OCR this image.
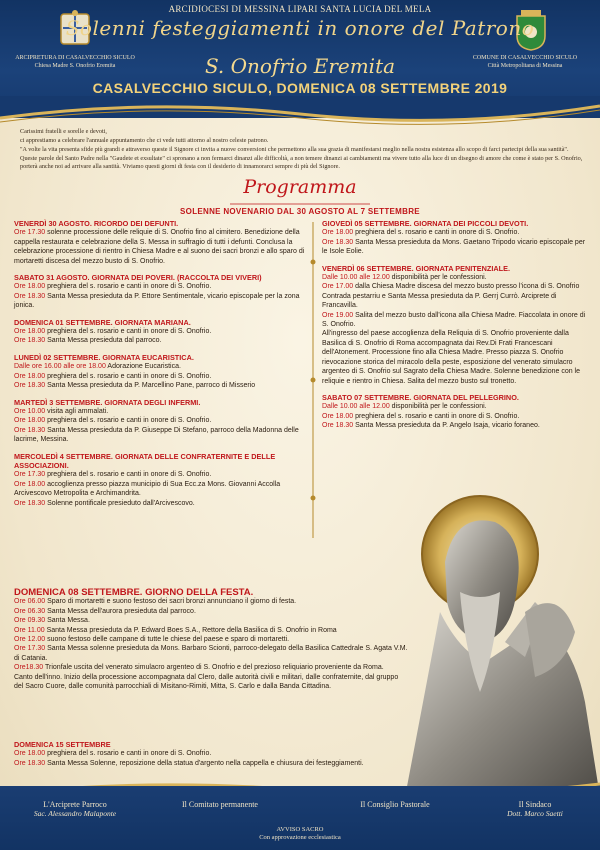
ARCIDIOCESI DI MESSINA LIPARI SANTA LUCIA DEL MELA
Solenni festeggiamenti in onore del Patrono
ARCIPRETURA DI CASALVECCHIO SICULO
Chiesa Madre S. Onofrio Eremita
COMUNE DI CASALVECCHIO SICULO
Città Metropolitana di Messina
S. Onofrio Eremita
CASALVECCHIO SICULO, DOMENICA 08 SETTEMBRE 2019

Carissimi fratelli e sorelle e devoti,

ci apprestiamo a celebrare l'annuale appuntamento che ci vede tutti attorno al nostro celeste patrono.

"A volte la vita presenta sfide più grandi e attraverso queste il Signore ci invita a nuove conversioni che permettono alla sua grazia di manifestarsi meglio nella nostra esistenza allo scopo di farci partecipi della sua santità". Queste parole del Santo Padre nella "Gaudete et exsultate" ci spronano a non fermarci dinanzi alle difficoltà, a non temere dinanzi ai cambiamenti ma vivere tutto alla luce di un disegno di amore che come è stato per S. Onofrio, porterà anche noi ad arrivare alla santità. Viviamo questi giorni di festa con il desiderio di innamorarci sempre di più del Signore.

Programma
SOLENNE NOVENARIO DAL 30 AGOSTO AL 7 SETTEMBRE
VENERDÌ 30 AGOSTO. RICORDO DEI DEFUNTI.
Ore 17.30 solenne processione delle reliquie di S. Onofrio fino al cimitero. Benedizione della cappella restaurata e celebrazione della S. Messa in suffragio di tutti i defunti. Conclusa la celebrazione processione di rientro in Chiesa Madre e al suono dei sacri bronzi e allo sparo di mortaretti discesa del mezzo busto di S. Onofrio.
SABATO 31 AGOSTO. GIORNATA DEI POVERI. (RACCOLTA DEI VIVERI)
Ore 18.00 preghiera del s. rosario e canti in onore di S. Onofrio.
Ore 18.30 Santa Messa presieduta da P. Ettore Sentimentale, vicario episcopale per la zona jonica.
DOMENICA 01 SETTEMBRE. GIORNATA MARIANA.
Ore 18.00 preghiera del s. rosario e canti in onore di S. Onofrio.
Ore 18.30 Santa Messa presieduta dal parroco.
LUNEDÌ 02 SETTEMBRE. GIORNATA EUCARISTICA.
Dalle ore 16.00 alle ore 18.00 Adorazione Eucaristica.
Ore 18.00 preghiera del s. rosario e canti in onore di S. Onofrio.
Ore 18.30 Santa Messa presieduta da P. Marcellino Pane, parroco di Misserio
MARTEDÌ 3 SETTEMBRE. GIORNATA DEGLI INFERMI.
Ore 10.00 visita agli ammalati.
Ore 18.00 preghiera del s. rosario e canti in onore di S. Onofrio.
Ore 18.30 Santa Messa presieduta da P. Giuseppe Di Stefano, parroco della Madonna delle lacrime, Messina.
MERCOLEDÌ 4 SETTEMBRE. GIORNATA DELLE CONFRATERNITE E DELLE ASSOCIAZIONI.
Ore 17.30 preghiera del s. rosario e canti in onore di S. Onofrio.
Ore 18.00 accoglienza presso piazza municipio di Sua Ecc.za Mons. Giovanni Accolla Arcivescovo Metropolita e Archimandrita.
Ore 18.30 Solenne pontificale presieduto dall'Arcivescovo.
GIOVEDÌ 05 SETTEMBRE. GIORNATA DEI PICCOLI DEVOTI.
Ore 18.00 preghiera del s. rosario e canti in onore di S. Onofrio.
Ore 18.30 Santa Messa presieduta da Mons. Gaetano Tripodo vicario episcopale per le Isole Eolie.
VENERDÌ 06 SETTEMBRE. GIORNATA PENITENZIALE.
Dalle 10.00 alle 12.00 disponibilità per le confessioni.
Ore 17.00 dalla Chiesa Madre discesa del mezzo busto presso l'icona di S. Onofrio Contrada pestarriu e Santa Messa presieduta da P. Gerrj Currò. Arciprete di Francavilla.
Ore 19.00 Salita del mezzo busto dall'icona alla Chiesa Madre. Fiaccolata in onore di S. Onofrio.
All'ingresso del paese accoglienza della Reliquia di S. Onofrio proveniente dalla Basilica di S. Onofrio di Roma accompagnata dai Rev.Di Frati Francescani dell'Atonement. Processione fino alla Chiesa Madre. Presso piazza S. Onofrio rievocazione storica del miracolo della peste, esposizione del venerato simulacro argenteo di S. Onofrio sul Sagrato della Chiesa Madre. Solenne benedizione con le reliquie e rientro in Chiesa. Salita del mezzo busto sul tronetto.
SABATO 07 SETTEMBRE. GIORNATA DEL PELLEGRINO.
Dalle 10.00 alle 12.00 disponibilità per le confessioni.
Ore 18.00 preghiera del s. rosario e canti in onore di S. Onofrio.
Ore 18.30 Santa Messa presieduta da P. Angelo Isaja, vicario foraneo.
DOMENICA 08 SETTEMBRE. GIORNO DELLA FESTA.
Ore 06.00 Sparo di mortaretti e suono festoso dei sacri bronzi annunciano il giorno di festa.
Ore 06.30 Santa Messa dell'aurora presieduta dal parroco.
Ore 09.30 Santa Messa.
Ore 11.00 Santa Messa presieduta da P. Edward Boes S.A., Rettore della Basilica di S. Onofrio in Roma
Ore 12.00 suono festoso delle campane di tutte le chiese del paese e sparo di mortaretti.
Ore 17.30 Santa Messa solenne presieduta da Mons. Barbaro Scionti, parroco-delegato della Basilica Cattedrale S. Agata V.M. di Catania.
Ore18.30 Trionfale uscita del venerato simulacro argenteo di S. Onofrio e del prezioso reliquiario proveniente da Roma.
Canto dell'inno. Inizio della processione accompagnata dal Clero, dalle autorità civili e militari, dalle confraternite, dal gruppo del Sacro Cuore, dalle comunità parrocchiali di Misitano-Rimiti, Mitta, S. Carlo e dalla Banda Cittadina.
DOMENICA 15 SETTEMBRE
Ore 18.00 preghiera del s. rosario e canti in onore di S. Onofrio.
Ore 18.30 Santa Messa Solenne, reposizione della statua d'argento nella cappella e chiusura dei festeggiamenti.
L'Arciprete Parroco
Sac. Alessandro Malaponte
Il Comitato permanente	Il Consiglio Pastorale	Il Sindaco
Dott. Marco Saetti
AVVISO SACRO
Con approvazione ecclesiastica
